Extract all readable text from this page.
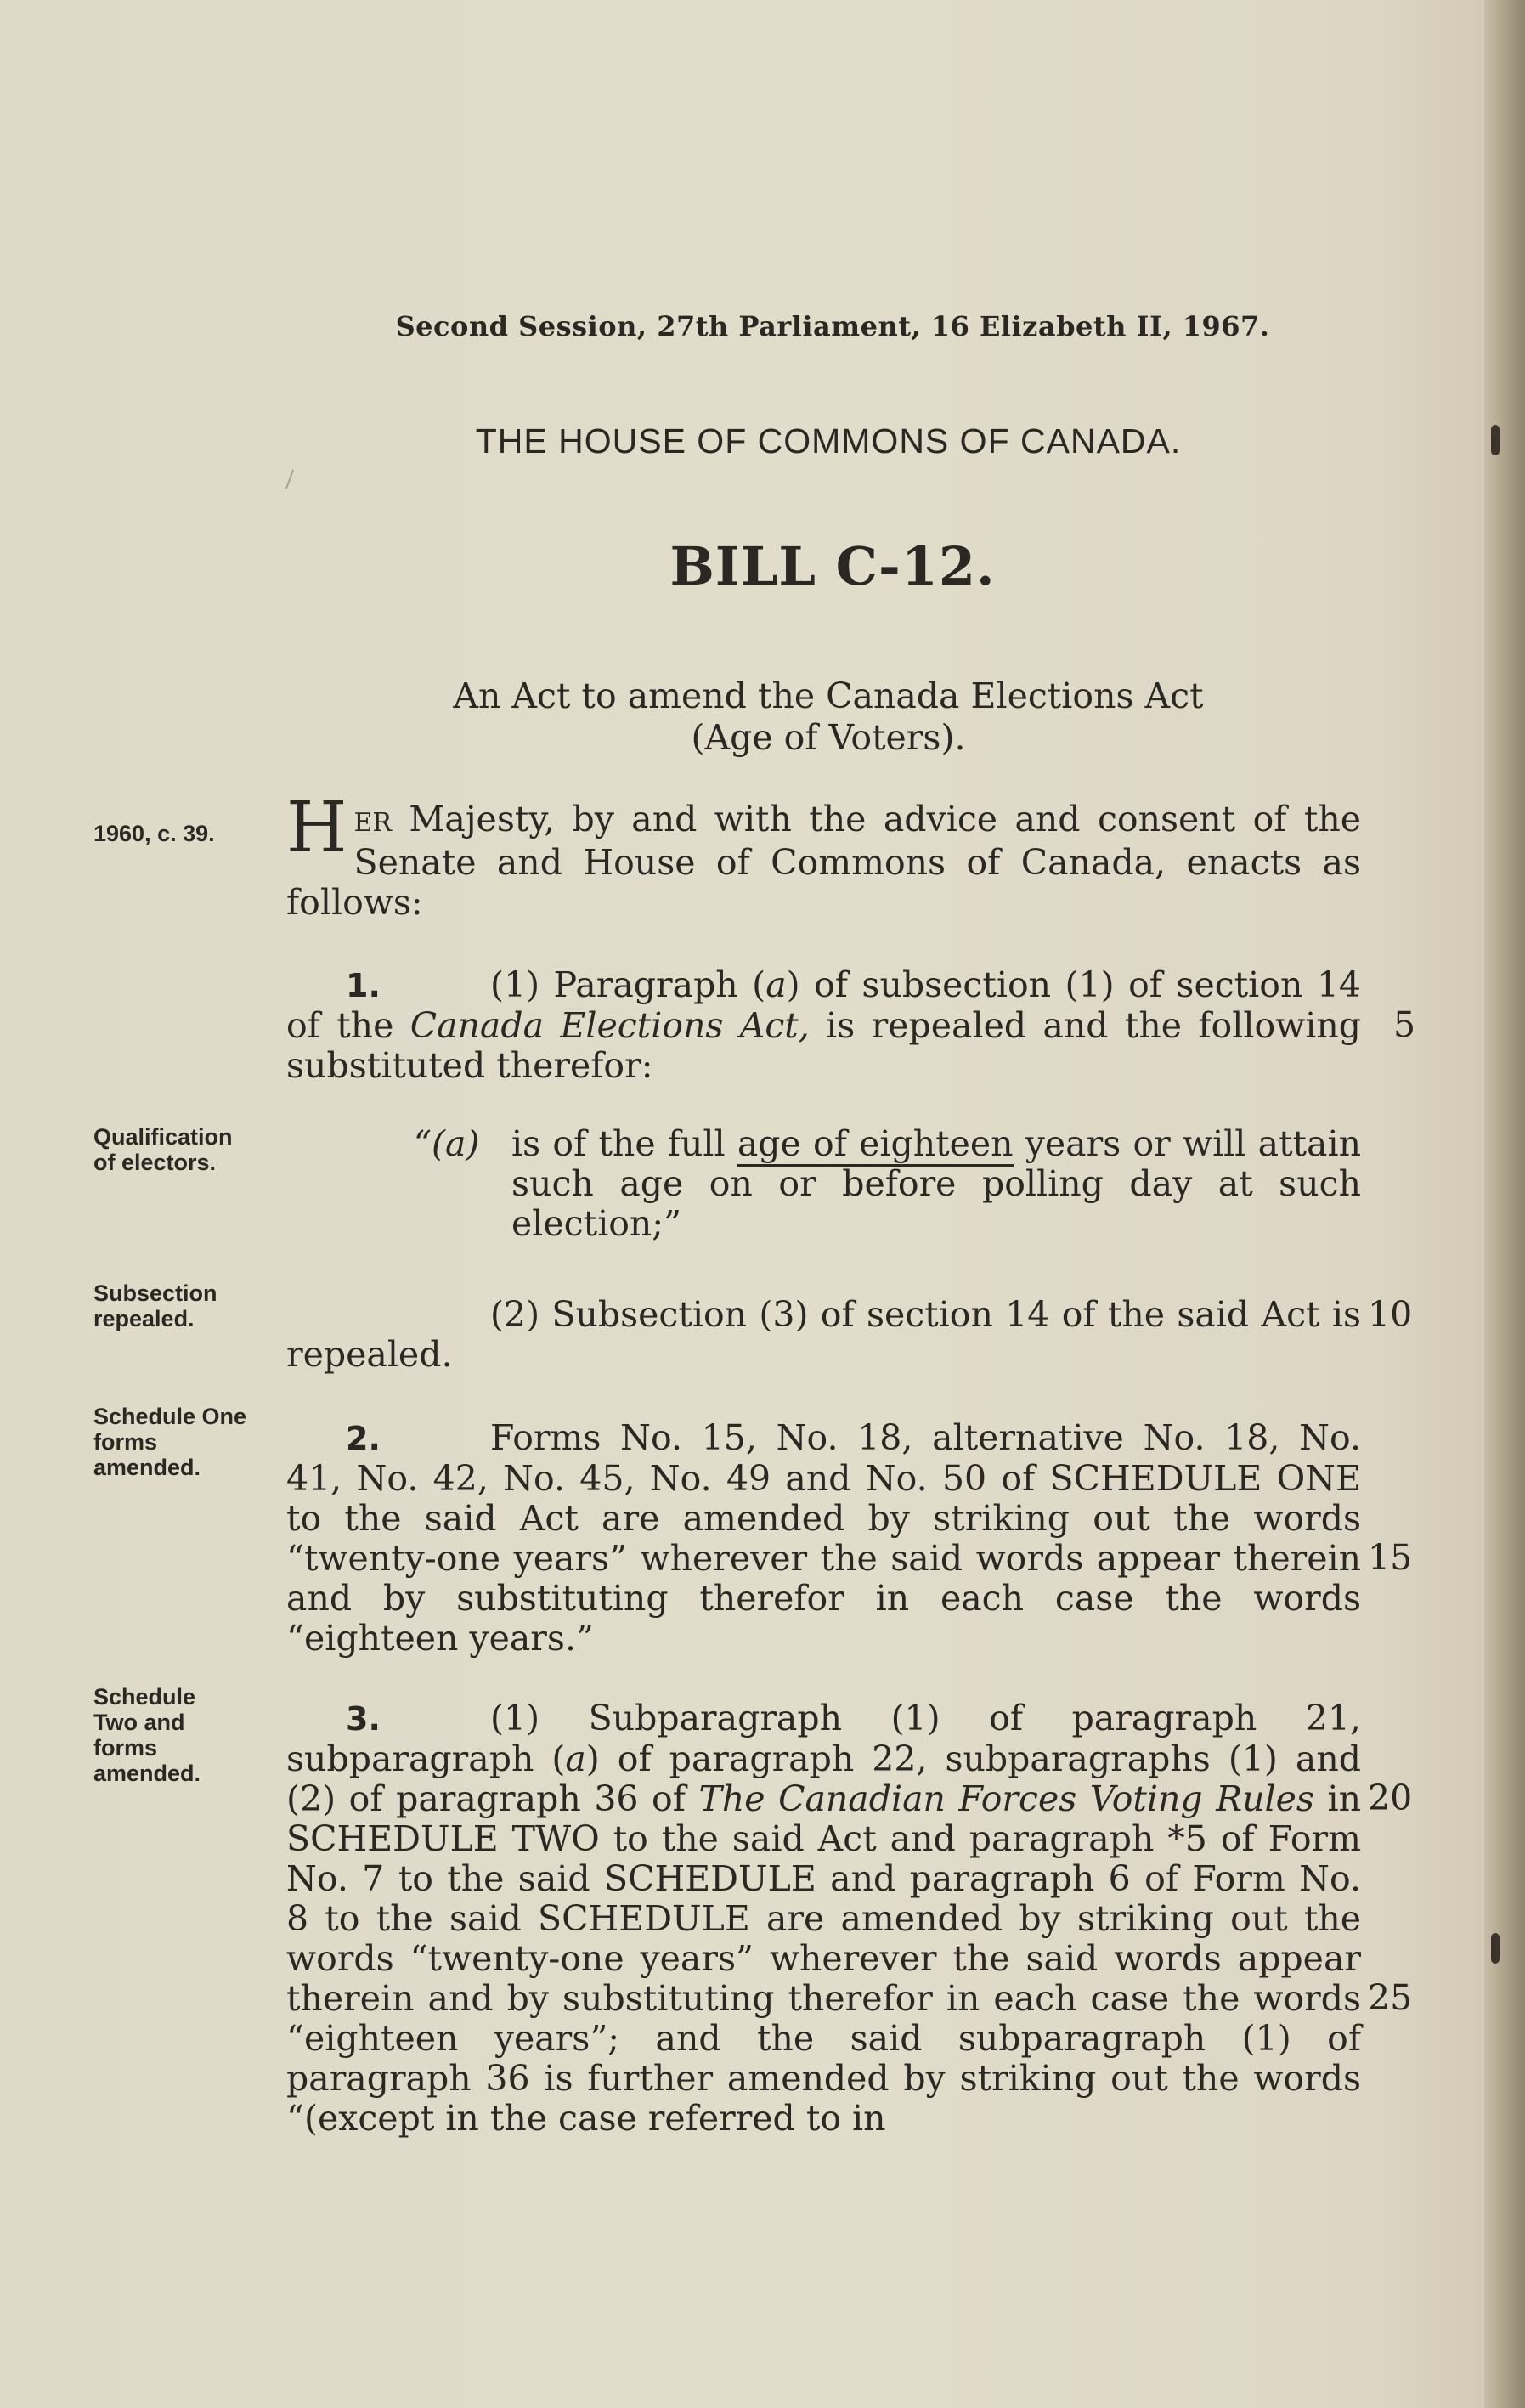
Second Session, 27th Parliament, 16 Elizabeth II, 1967.
THE HOUSE OF COMMONS OF CANADA.
BILL C-12.
An Act to amend the Canada Elections Act
(Age of Voters).
1960, c. 39.
Qualification
of electors.
Subsection
repealed.
Schedule One
forms
amended.
Schedule
Two and
forms
amended.
HER Majesty, by and with the advice and consent of the Senate and House of Commons of Canada, enacts as follows:
1.	(1) Paragraph (a) of subsection (1) of section 14 of the Canada Elections Act, is repealed and the following substituted therefor:
“(a) is of the full age of eighteen years or will attain such age on or before polling day at such election;”
(2) Subsection (3) of section 14 of the said Act is repealed.
2.	Forms No. 15, No. 18, alternative No. 18, No. 41, No. 42, No. 45, No. 49 and No. 50 of SCHEDULE ONE to the said Act are amended by striking out the words “twenty-one years” wherever the said words appear therein and by substituting therefor in each case the words “eighteen years.”
3.	(1) Subparagraph (1) of paragraph 21, subparagraph (a) of paragraph 22, subparagraphs (1) and (2) of paragraph 36 of The Canadian Forces Voting Rules in SCHEDULE TWO to the said Act and paragraph *5 of Form No. 7 to the said SCHEDULE and paragraph 6 of Form No. 8 to the said SCHEDULE are amended by striking out the words “twenty-one years” wherever the said words appear therein and by substituting therefor in each case the words “eighteen years”; and the said subparagraph (1) of paragraph 36 is further amended by striking out the words “(except in the case referred to in
5
10
15
20
25
